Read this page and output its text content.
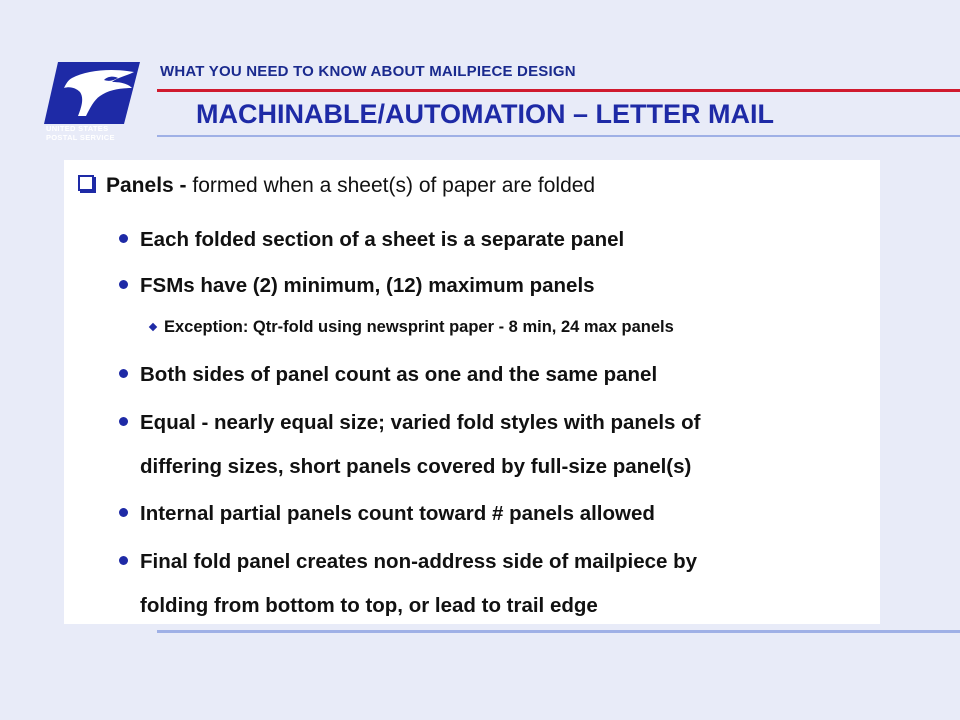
UNITED STATES
POSTAL SERVICE
WHAT YOU NEED TO KNOW ABOUT MAILPIECE DESIGN
MACHINABLE/AUTOMATION – LETTER MAIL
Panels - formed when a sheet(s) of paper are folded
Each folded section of a sheet is a separate panel
FSMs have (2) minimum, (12) maximum panels
Exception: Qtr-fold using newsprint paper - 8 min, 24 max panels
Both sides of panel count as one and the same panel
Equal - nearly equal size; varied fold styles with panels of
differing sizes, short panels covered by full-size panel(s)
Internal partial panels count toward # panels allowed
Final fold panel creates non-address side of mailpiece by
folding from bottom to top, or lead to trail edge
